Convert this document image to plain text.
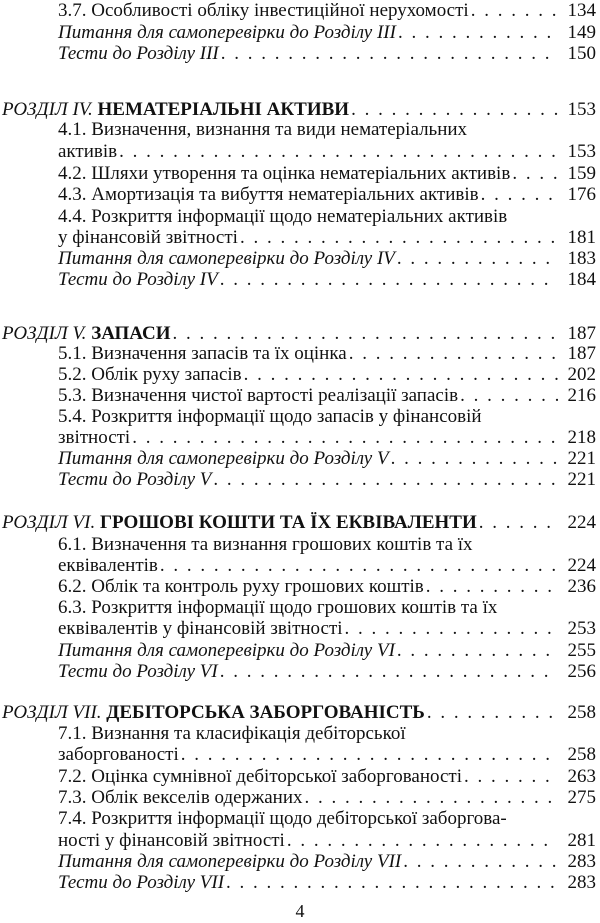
3.7. Особливості обліку інвестиційної нерухомості . . .	134
Питання для самоперевірки до Розділу III . . .	149
Тести до Розділу III . . .	150
РОЗДІЛ IV. НЕМАТЕРІАЛЬНІ АКТИВИ . . .	153
4.1. Визначення, визнання та види нематеріальних
активів . . .	153
4.2. Шляхи утворення та оцінка нематеріальних активів . . .	159
4.3. Амортизація та вибуття нематеріальних активів . . .	176
4.4. Розкриття інформації щодо нематеріальних активів
у фінансовій звітності . . .	181
Питання для самоперевірки до Розділу IV . . .	183
Тести до Розділу IV . . .	184
РОЗДІЛ V. ЗАПАСИ . . .	187
5.1. Визначення запасів та їх оцінка . . .	187
5.2. Облік руху запасів . . .	202
5.3. Визначення чистої вартості реалізації запасів . . .	216
5.4. Розкриття інформації щодо запасів у фінансовій
звітності . . .	218
Питання для самоперевірки до Розділу V . . .	221
Тести до Розділу V . . .	221
РОЗДІЛ VI. ГРОШОВІ КОШТИ ТА ЇХ ЕКВІВАЛЕНТИ . . .	224
6.1. Визначення та визнання грошових коштів та їх
еквівалентів . . .	224
6.2. Облік та контроль руху грошових коштів . . .	236
6.3. Розкриття інформації щодо грошових коштів та їх
еквівалентів у фінансовій звітності . . .	253
Питання для самоперевірки до Розділу VI . . .	255
Тести до Розділу VI . . .	256
РОЗДІЛ VII. ДЕБІТОРСЬКА ЗАБОРГОВАНІСТЬ . . .	258
7.1. Визнання та класифікація дебіторської
заборгованості . . .	258
7.2. Оцінка сумнівної дебіторської заборгованості . . .	263
7.3. Облік векселів одержаних . . .	275
7.4. Розкриття інформації щодо дебіторської заборгова-
ності у фінансовій звітності . . .	281
Питання для самоперевірки до Розділу VII . . .	283
Тести до Розділу VII . . .	283
4
